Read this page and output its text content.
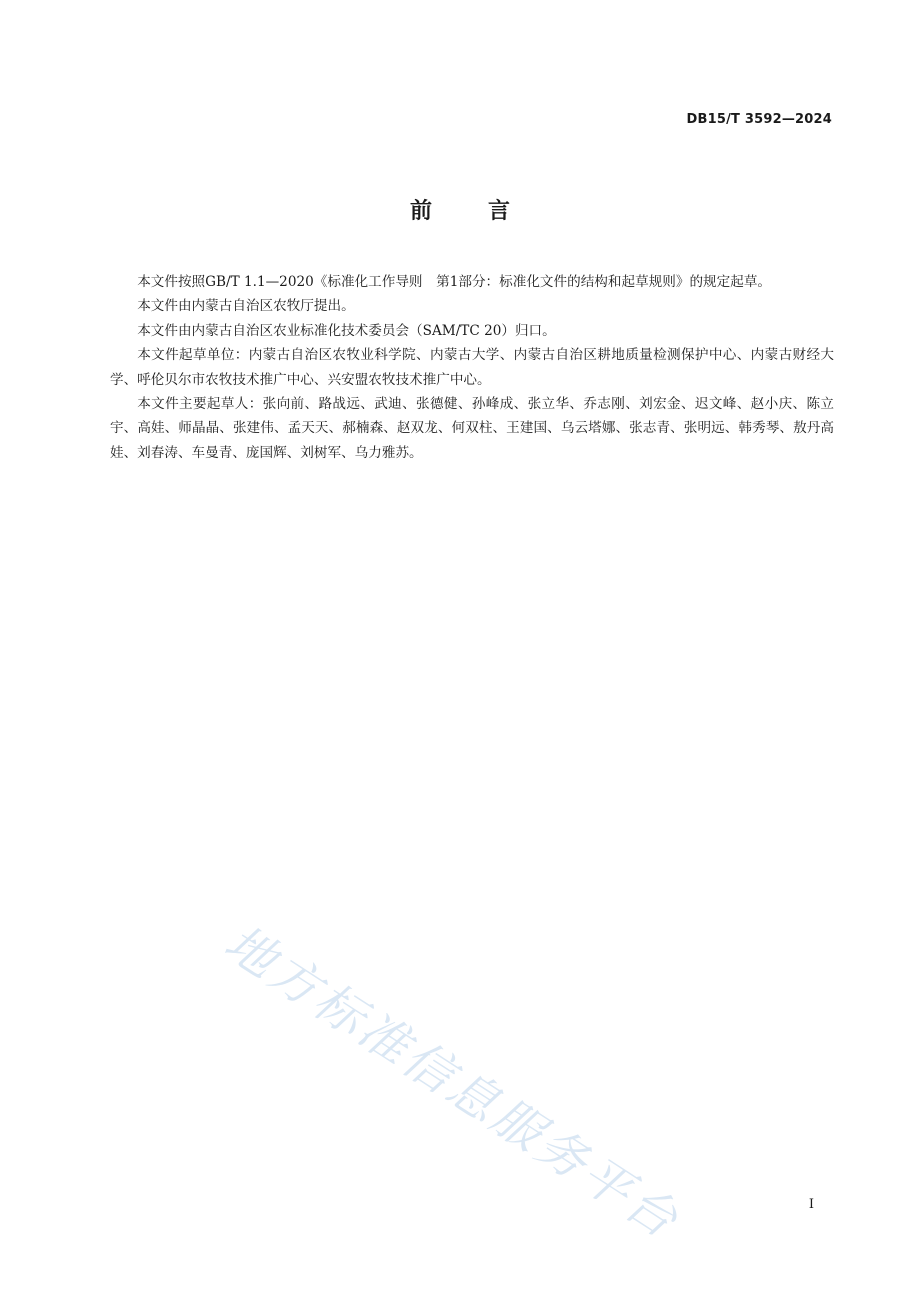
DB15/T 3592—2024
前言

本文件按照GB/T 1.1—2020《标准化工作导则　第1部分：标准化文件的结构和起草规则》的规定起草。

本文件由内蒙古自治区农牧厅提出。

本文件由内蒙古自治区农业标准化技术委员会（SAM/TC 20）归口。

本文件起草单位：内蒙古自治区农牧业科学院、内蒙古大学、内蒙古自治区耕地质量检测保护中心、内蒙古财经大学、呼伦贝尔市农牧技术推广中心、兴安盟农牧技术推广中心。

本文件主要起草人：张向前、路战远、武迪、张德健、孙峰成、张立华、乔志刚、刘宏金、迟文峰、赵小庆、陈立宇、高娃、师晶晶、张建伟、孟天天、郝楠森、赵双龙、何双柱、王建国、乌云塔娜、张志青、张明远、韩秀琴、敖丹高娃、刘春涛、车曼青、庞国辉、刘树军、乌力雅苏。

地方标准信息服务平台	I
